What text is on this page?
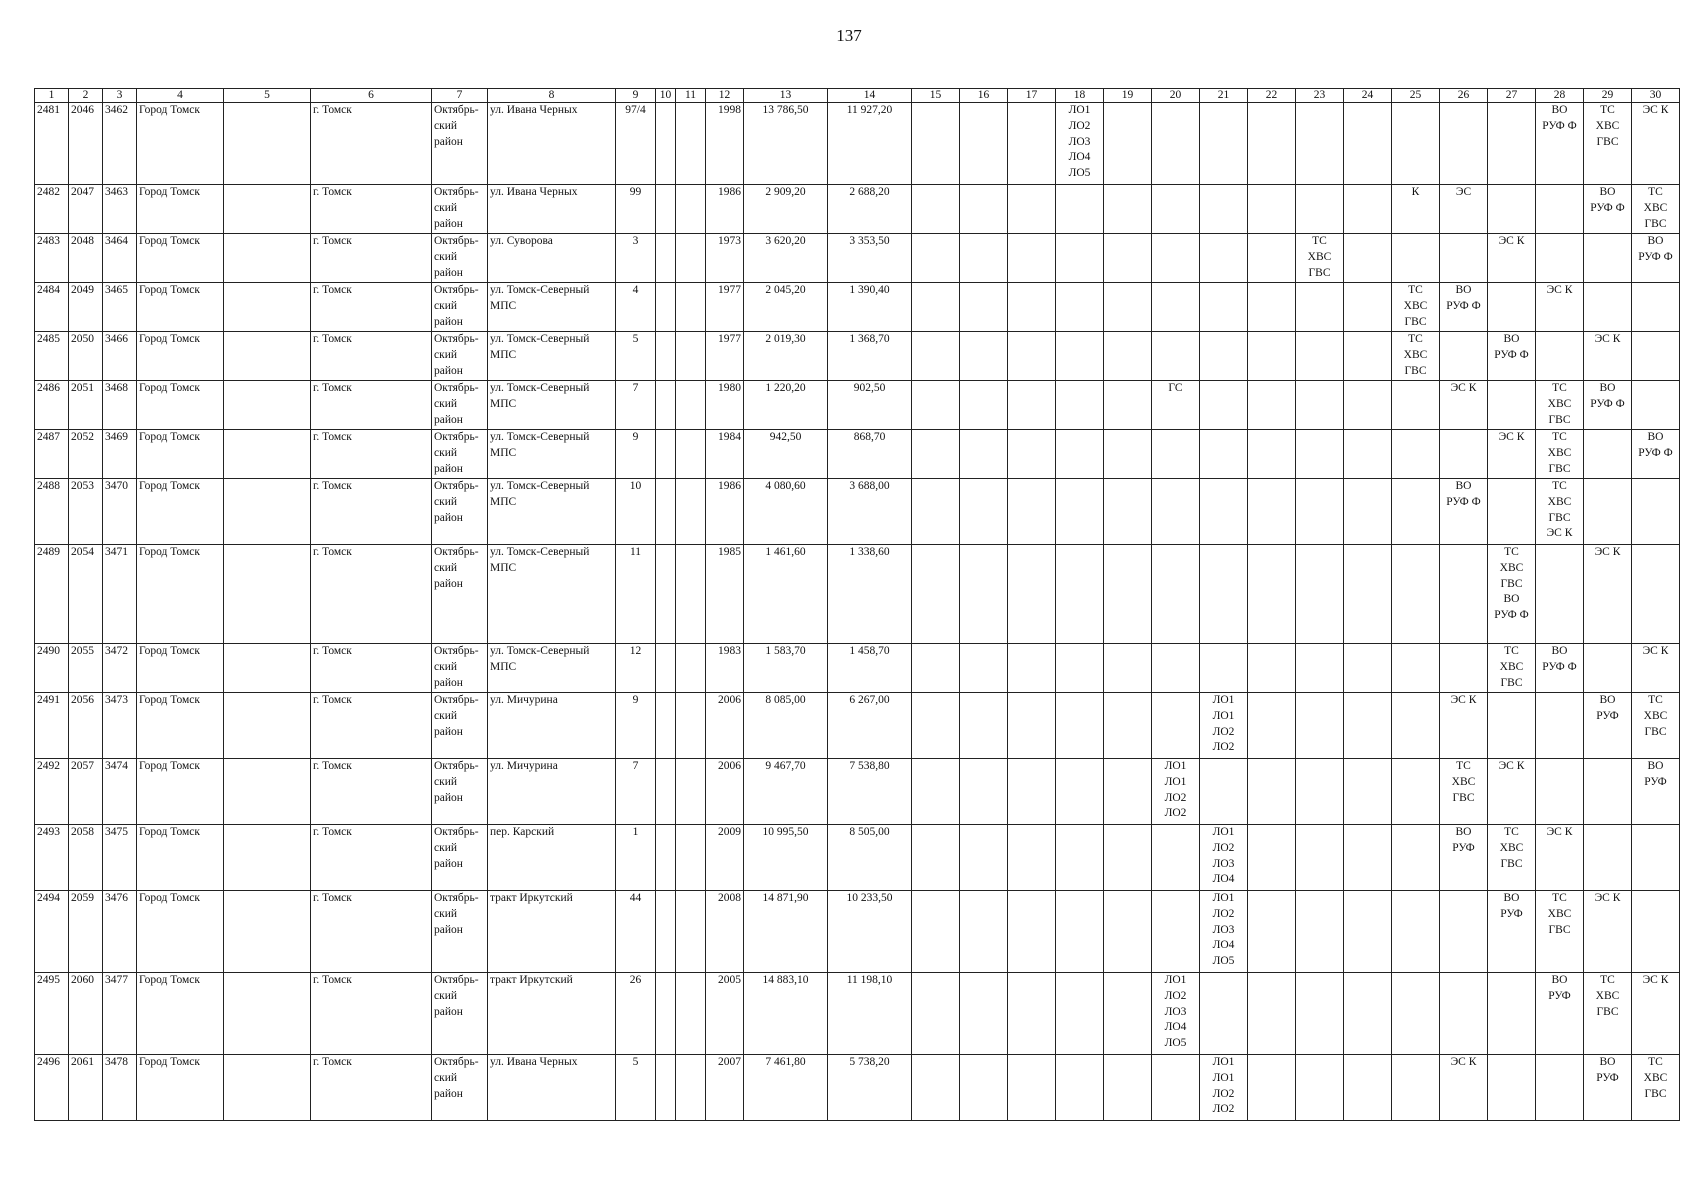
137
1	2	3	4	5	6	7	8	9	10	11	12	13	14	15	16	17	18	19	20	21	22	23	24	25	26	27	28	29	30
2481	2046	3462	Город Томск		г. Томск	Октябрь-
ский
район	ул. Ивана Черных	97/4			1998	13 786,50	11 927,20				ЛО1
ЛО2
ЛО3
ЛО4
ЛО5										ВО
РУФ Ф	ТС
ХВС
ГВС	ЭС К
2482	2047	3463	Город Томск		г. Томск	Октябрь-
ский
район	ул. Ивана Черных	99			1986	2 909,20	2 688,20											К	ЭС			ВО
РУФ Ф	ТС
ХВС
ГВС
2483	2048	3464	Город Томск		г. Томск	Октябрь-
ский
район	ул. Суворова	3			1973	3 620,20	3 353,50									ТС
ХВС
ГВС				ЭС К			ВО
РУФ Ф
2484	2049	3465	Город Томск		г. Томск	Октябрь-
ский
район	ул. Томск-Северный
МПС	4			1977	2 045,20	1 390,40											ТС
ХВС
ГВС	ВО
РУФ Ф		ЭС К		
2485	2050	3466	Город Томск		г. Томск	Октябрь-
ский
район	ул. Томск-Северный
МПС	5			1977	2 019,30	1 368,70											ТС
ХВС
ГВС		ВО
РУФ Ф		ЭС К	
2486	2051	3468	Город Томск		г. Томск	Октябрь-
ский
район	ул. Томск-Северный
МПС	7			1980	1 220,20	902,50						ГС						ЭС К		ТС
ХВС
ГВС	ВО
РУФ Ф	
2487	2052	3469	Город Томск		г. Томск	Октябрь-
ский
район	ул. Томск-Северный
МПС	9			1984	942,50	868,70													ЭС К	ТС
ХВС
ГВС		ВО
РУФ Ф
2488	2053	3470	Город Томск		г. Томск	Октябрь-
ский
район	ул. Томск-Северный
МПС	10			1986	4 080,60	3 688,00												ВО
РУФ Ф		ТС
ХВС
ГВС
ЭС К		
2489	2054	3471	Город Томск		г. Томск	Октябрь-
ский
район	ул. Томск-Северный
МПС	11			1985	1 461,60	1 338,60													ТС
ХВС
ГВС
ВО
РУФ Ф		ЭС К	
2490	2055	3472	Город Томск		г. Томск	Октябрь-
ский
район	ул. Томск-Северный
МПС	12			1983	1 583,70	1 458,70													ТС
ХВС
ГВС	ВО
РУФ Ф		ЭС К
2491	2056	3473	Город Томск		г. Томск	Октябрь-
ский
район	ул. Мичурина	9			2006	8 085,00	6 267,00							ЛО1
ЛО1
ЛО2
ЛО2					ЭС К			ВО
РУФ	ТС
ХВС
ГВС
2492	2057	3474	Город Томск		г. Томск	Октябрь-
ский
район	ул. Мичурина	7			2006	9 467,70	7 538,80						ЛО1
ЛО1
ЛО2
ЛО2						ТС
ХВС
ГВС	ЭС К			ВО
РУФ
2493	2058	3475	Город Томск		г. Томск	Октябрь-
ский
район	пер. Карский	1			2009	10 995,50	8 505,00							ЛО1
ЛО2
ЛО3
ЛО4					ВО
РУФ	ТС
ХВС
ГВС	ЭС К		
2494	2059	3476	Город Томск		г. Томск	Октябрь-
ский
район	тракт Иркутский	44			2008	14 871,90	10 233,50							ЛО1
ЛО2
ЛО3
ЛО4
ЛО5						ВО
РУФ	ТС
ХВС
ГВС	ЭС К	
2495	2060	3477	Город Томск		г. Томск	Октябрь-
ский
район	тракт Иркутский	26			2005	14 883,10	11 198,10						ЛО1
ЛО2
ЛО3
ЛО4
ЛО5								ВО
РУФ	ТС
ХВС
ГВС	ЭС К
2496	2061	3478	Город Томск		г. Томск	Октябрь-
ский
район	ул. Ивана Черных	5			2007	7 461,80	5 738,20							ЛО1
ЛО1
ЛО2
ЛО2					ЭС К			ВО
РУФ	ТС
ХВС
ГВС
